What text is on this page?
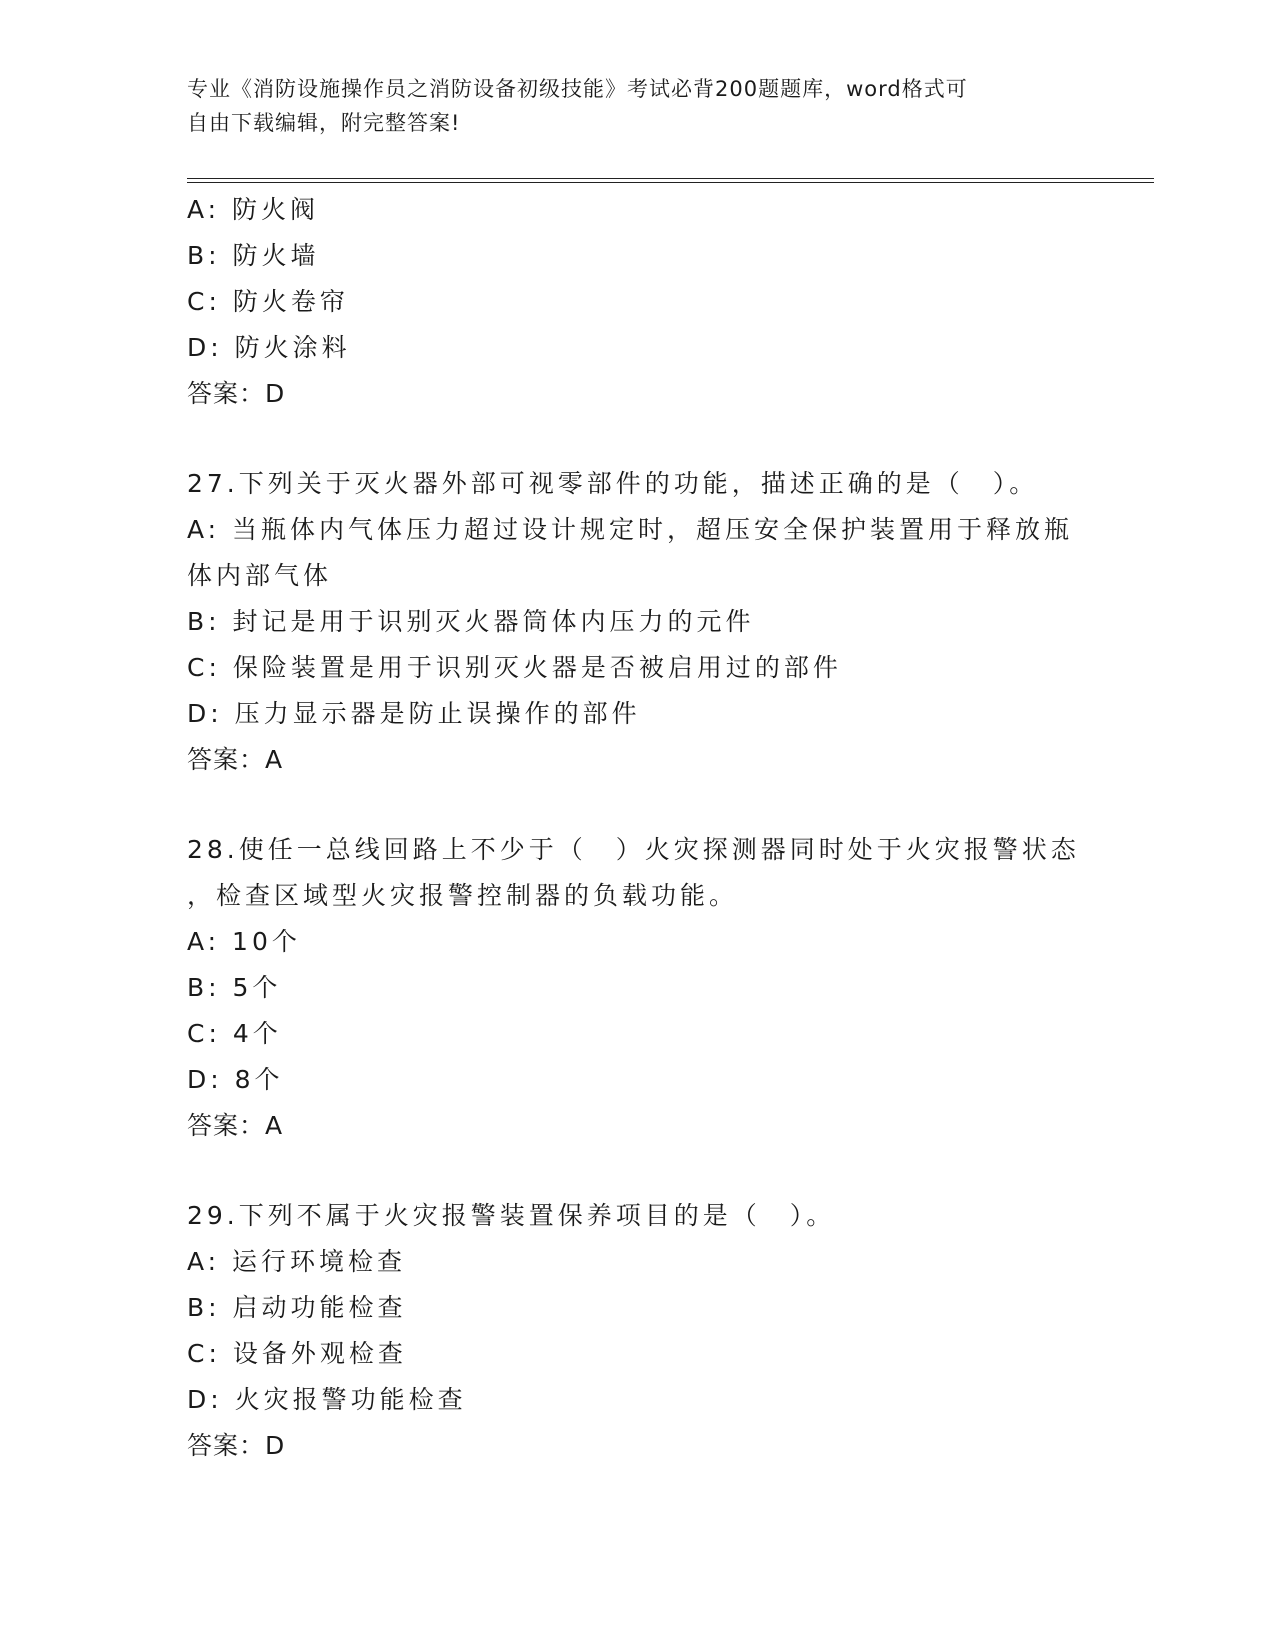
专业《消防设施操作员之消防设备初级技能》考试必背200题题库，word格式可
自由下载编辑，附完整答案!
A: 防火阀
B: 防火墙
C: 防火卷帘
D: 防火涂料
答案：D
27.下列关于灭火器外部可视零部件的功能，描述正确的是（　）。
A: 当瓶体内气体压力超过设计规定时，超压安全保护装置用于释放瓶
体内部气体
B: 封记是用于识别灭火器筒体内压力的元件
C: 保险装置是用于识别灭火器是否被启用过的部件
D: 压力显示器是防止误操作的部件
答案：A
28.使任一总线回路上不少于（　）火灾探测器同时处于火灾报警状态
，检查区域型火灾报警控制器的负载功能。
A: 10个
B: 5个
C: 4个
D: 8个
答案：A
29.下列不属于火灾报警装置保养项目的是（　）。
A: 运行环境检查
B: 启动功能检查
C: 设备外观检查
D: 火灾报警功能检查
答案：D
